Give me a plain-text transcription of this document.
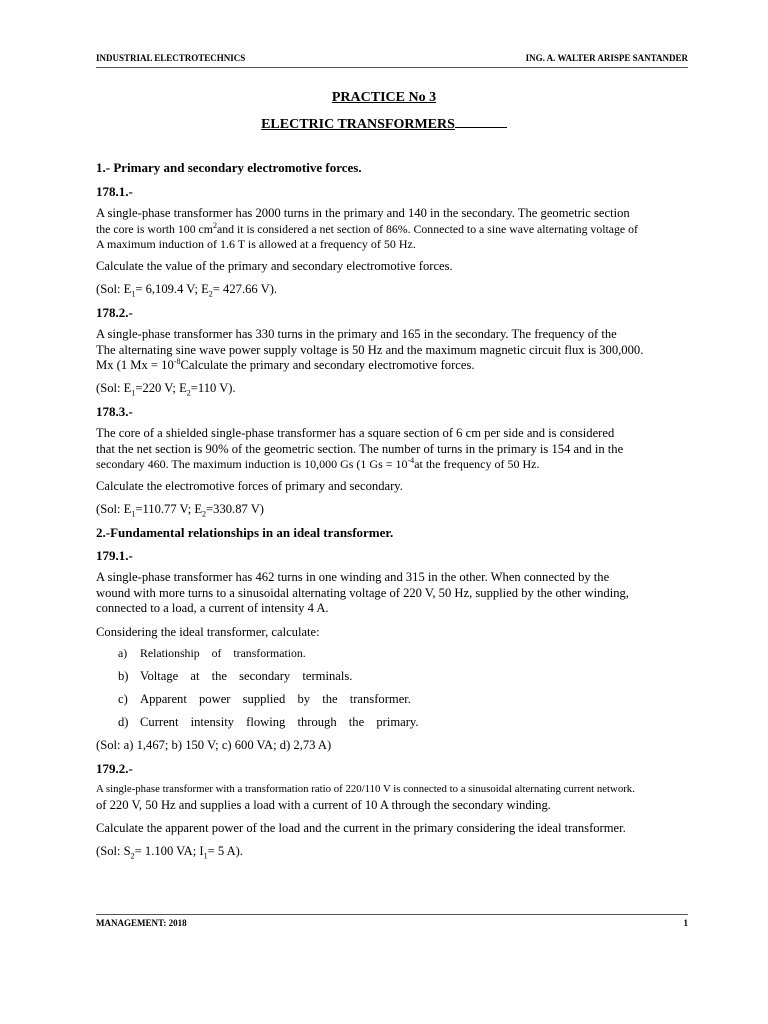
INDUSTRIAL ELECTROTECHNICS	ING. A. WALTER ARISPE SANTANDER
PRACTICE No 3
ELECTRIC TRANSFORMERS
1.- Primary and secondary electromotive forces.
178.1.-
A single-phase transformer has 2000 turns in the primary and 140 in the secondary. The geometric section
the core is worth 100 $cm^2and$ it is considered a net section of 86%. Connected to a sine wave alternating voltage of
A maximum induction of 1.6 T is allowed at a frequency of 50 Hz.
Calculate the value of the primary and secondary electromotive forces.
(Sol: $E_1= 6,109.4$ V; $E_2= 427.66$ V).
178.2.-
A single-phase transformer has 330 turns in the primary and 165 in the secondary. The frequency of the
The alternating sine wave power supply voltage is 50 Hz and the maximum magnetic circuit flux is 300,000.
Mx (1 $Mx = 10^{-8}Calculate$ the primary and secondary electromotive forces.
(Sol: $E_1=220$ V; $E_2=110$ V).
178.3.-
The core of a shielded single-phase transformer has a square section of 6 cm per side and is considered
that the net section is 90% of the geometric section. The number of turns in the primary is 154 and in the
secondary 460. The maximum induction is 10,000 Gs (1 $Gs = 10^{-4}at$ the frequency of 50 Hz.
Calculate the electromotive forces of primary and secondary.
(Sol: $E_1=110.77$ V; $E_2=330.87$ V)
2.-Fundamental relationships in an ideal transformer.
179.1.-
A single-phase transformer has 462 turns in one winding and 315 in the other. When connected by the
wound with more turns to a sinusoidal alternating voltage of 220 V, 50 Hz, supplied by the other winding,
connected to a load, a current of intensity 4 A.
Considering the ideal transformer, calculate:
a) Relationship of transformation.
b) Voltage at the secondary terminals.
c) Apparent power supplied by the transformer.
d) Current intensity flowing through the primary.
(Sol: a) 1,467; b) 150 V; c) 600 VA; d) 2,73 A)
179.2.-
A single-phase transformer with a transformation ratio of 220/110 V is connected to a sinusoidal alternating current network.
of 220 V, 50 Hz and supplies a load with a current of 10 A through the secondary winding.
Calculate the apparent power of the load and the current in the primary considering the ideal transformer.
(Sol: $S_2= 1.100$ VA; $I_1= 5$ A).
MANAGEMENT: 2018	1
